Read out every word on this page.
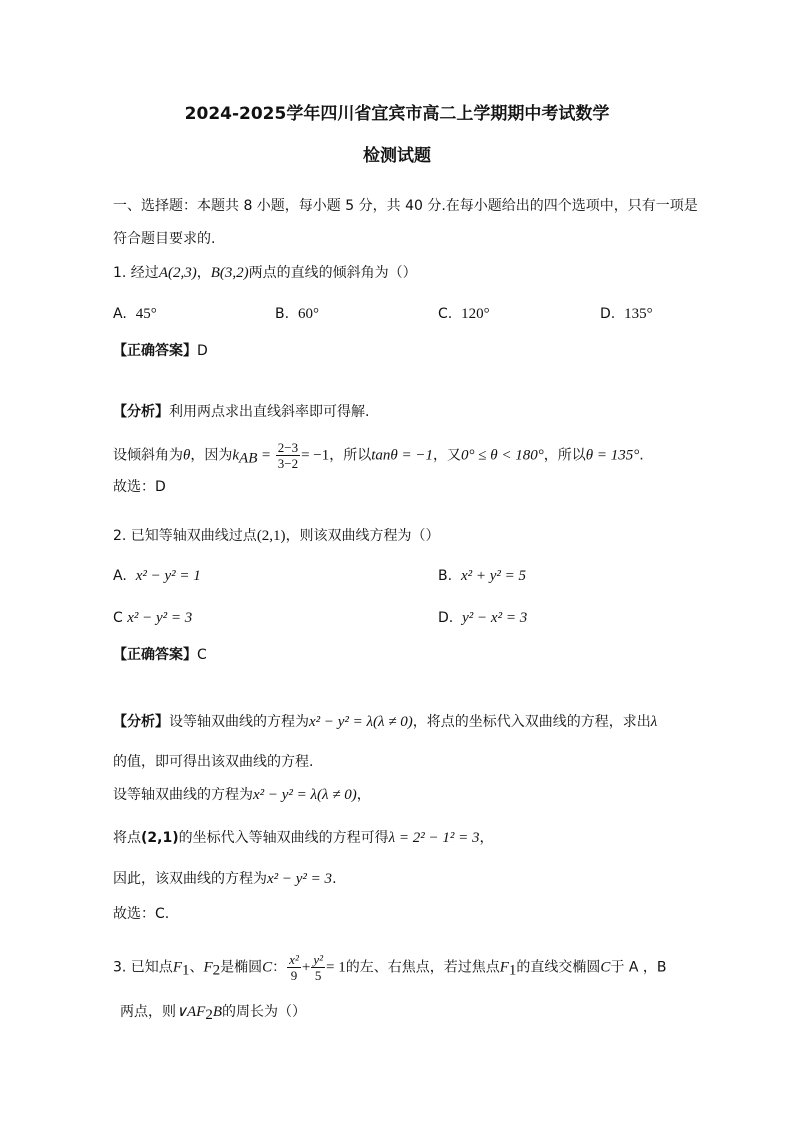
2024-2025学年四川省宜宾市高二上学期期中考试数学
检测试题
一、选择题：本题共 8 小题，每小题 5 分，共 40 分.在每小题给出的四个选项中，只有一项是
符合题目要求的.
1. 经过A(2,3)，B(3,2)两点的直线的倾斜角为（）
A. 45°	B. 60°	C. 120°	D. 135°
【正确答案】D
【分析】利用两点求出直线斜率即可得解.
设倾斜角为θ，因为$k_{AB} = \frac{2-3}{3-2} = -1$，所以tanθ = −1，又0° ≤ θ < 180°，所以θ = 135°.
故选：D
2. 已知等轴双曲线过点(2,1)，则该双曲线方程为（）
A. x² − y² = 1	B. x² + y² = 5
C x² − y² = 3	D. y² − x² = 3
【正确答案】C
【分析】设等轴双曲线的方程为x² − y² = λ(λ ≠ 0)，将点的坐标代入双曲线的方程，求出λ
的值，即可得出该双曲线的方程.
设等轴双曲线的方程为x² − y² = λ(λ ≠ 0)，
将点(2,1)的坐标代入等轴双曲线的方程可得λ = 2² − 1² = 3，
因此，该双曲线的方程为x² − y² = 3.
故选：C.
3. 已知点$F_1$、$F_2$是椭圆C： $\frac{\text{x²}}{9} + \frac{\text{y²}}{5} = 1$的左、右焦点，若过焦点$F_1$的直线交椭圆C于 A ，B
两点，则$\vee AF_2B$的周长为（）
